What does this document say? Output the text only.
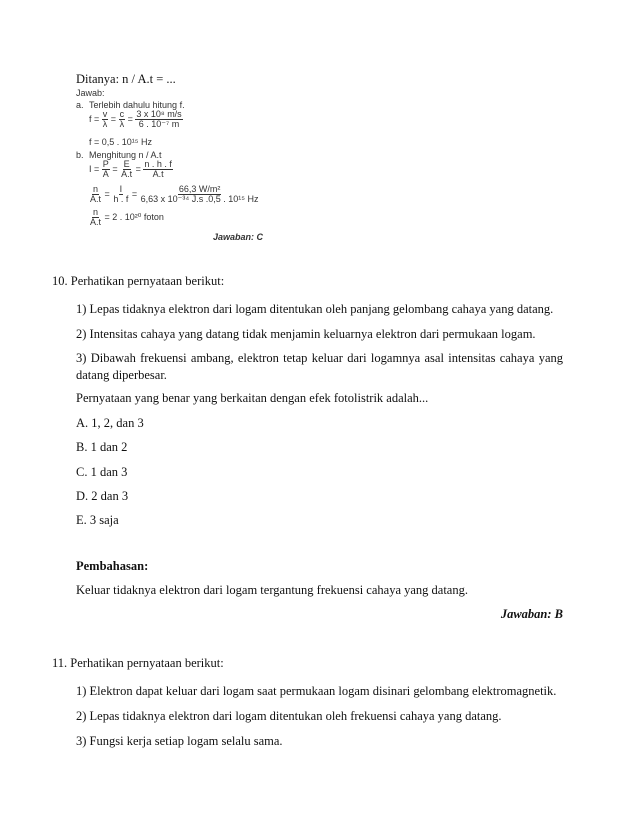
Ditanya: n / A.t = ...
Jawab:
a. Terlebih dahulu hitung f.
$f = \frac{v}{\lambda} = \frac{c}{\lambda} = \frac{\text{3 x 10⁸ m/s}}{\text{6 . 10⁻⁷ m}}$
f = 0,5 . 10¹⁵ Hz
b. Menghitung n / A.t
$I = \frac{P}{A} = \frac{E}{A.t} = \frac{n . h . f}{A.t}$
$\frac{n}{A.t} = \frac{I}{h . f} = \frac{\text{66,3 W/m²}}{\text{6,63 x 10⁻³⁴ J.s .0,5 . 10¹⁵ Hz}}$
$\frac{n}{A.t} = 2$ . 10²⁰ foton
Jawaban: C
10. Perhatikan pernyataan berikut:
1) Lepas tidaknya elektron dari logam ditentukan oleh panjang gelombang cahaya yang datang.
2) Intensitas cahaya yang datang tidak menjamin keluarnya elektron dari permukaan logam.
3) Dibawah frekuensi ambang, elektron tetap keluar dari logamnya asal intensitas cahaya yang
datang diperbesar.
Pernyataan yang benar yang berkaitan dengan efek fotolistrik adalah...
A. 1, 2, dan 3
B. 1 dan 2
C. 1 dan 3
D. 2 dan 3
E. 3 saja
Pembahasan:
Keluar tidaknya elektron dari logam tergantung frekuensi cahaya yang datang.
Jawaban: B
11. Perhatikan pernyataan berikut:
1) Elektron dapat keluar dari logam saat permukaan logam disinari gelombang elektromagnetik.
2) Lepas tidaknya elektron dari logam ditentukan oleh frekuensi cahaya yang datang.
3) Fungsi kerja setiap logam selalu sama.
